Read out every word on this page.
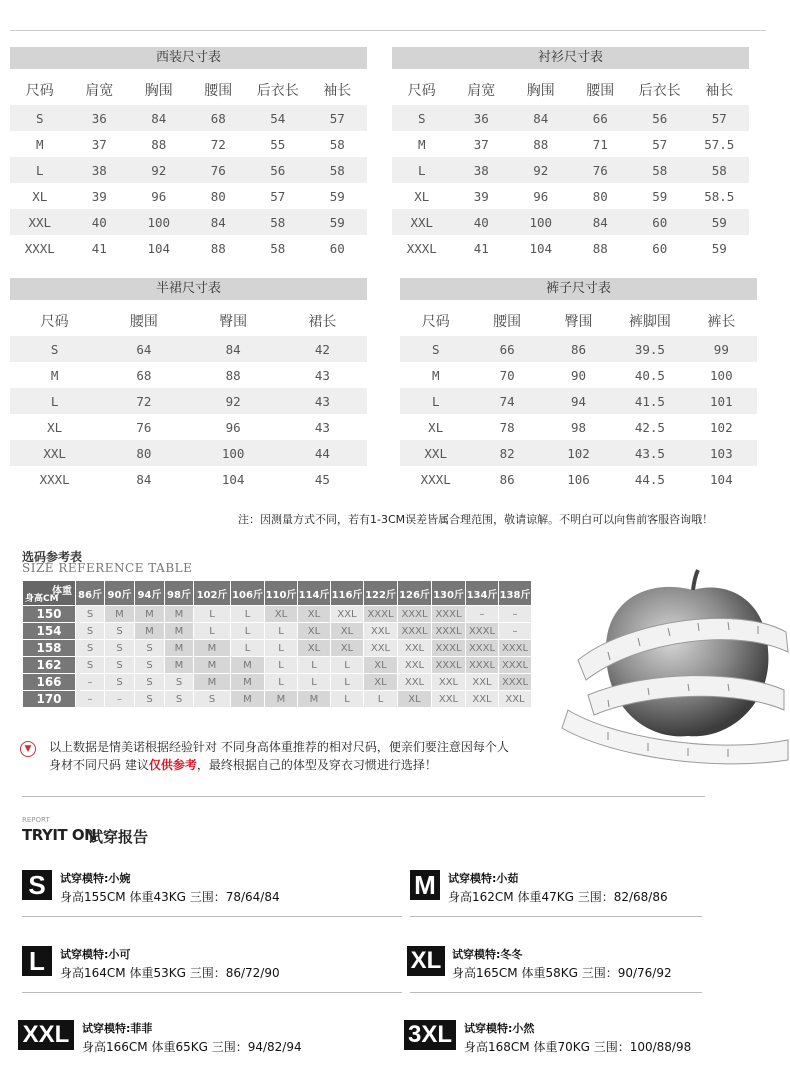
西装尺寸表
尺码	肩宽	胸围	腰围	后衣长	袖长
S	36	84	68	54	57
M	37	88	72	55	58
L	38	92	76	56	58
XL	39	96	80	57	59
XXL	40	100	84	58	59
XXXL	41	104	88	58	60
衬衫尺寸表
尺码	肩宽	胸围	腰围	后衣长	袖长
S	36	84	66	56	57
M	37	88	71	57	57.5
L	38	92	76	58	58
XL	39	96	80	59	58.5
XXL	40	100	84	60	59
XXXL	41	104	88	60	59
半裙尺寸表
尺码	腰围	臀围	裙长
S	64	84	42
M	68	88	43
L	72	92	43
XL	76	96	43
XXL	80	100	44
XXXL	84	104	45
裤子尺寸表
尺码	腰围	臀围	裤脚围	裤长
S	66	86	39.5	99
M	70	90	40.5	100
L	74	94	41.5	101
XL	78	98	42.5	102
XXL	82	102	43.5	103
XXXL	86	106	44.5	104
注：因测量方式不同，若有1-3CM误差皆属合理范围，敬请谅解。不明白可以向售前客服咨询哦！
选码参考表
SIZE REFERENCE TABLE
体重
身高CM	86斤	90斤	94斤	98斤	102斤	106斤	110斤	114斤	116斤	122斤	126斤	130斤	134斤	138斤
150	S	M	M	M	L	L	XL	XL	XXL	XXXL	XXXL	XXXL	–	–
154	S	S	M	M	L	L	L	XL	XL	XXL	XXXL	XXXL	XXXL	–
158	S	S	S	M	M	L	L	XL	XL	XXL	XXL	XXXL	XXXL	XXXL
162	S	S	S	M	M	M	L	L	L	XL	XXL	XXXL	XXXL	XXXL
166	–	S	S	S	M	M	L	L	L	XL	XXL	XXL	XXL	XXXL
170	–	–	S	S	S	M	M	M	L	L	XL	XXL	XXL	XXL
▼	以上数据是情美诺根据经验针对 不同身高体重推荐的相对尺码，便亲们要注意因每个人
身材不同尺码 建议仅供参考，最终根据自己的体型及穿衣习惯进行选择！
REPORT
TRYIT ON
试穿报告
S	试穿模特:小婉
身高155CM 体重43KG 三围：78/64/84	M	试穿模特:小茹
身高162CM 体重47KG 三围：82/68/86
L	试穿模特:小可
身高164CM 体重53KG 三围：86/72/90	XL 试穿模特:冬冬
身高165CM 体重58KG 三围：90/76/92
XXL	试穿模特:菲菲
身高166CM 体重65KG 三围：94/82/94	3XL	试穿模特:小然
身高168CM 体重70KG 三围：100/88/98
